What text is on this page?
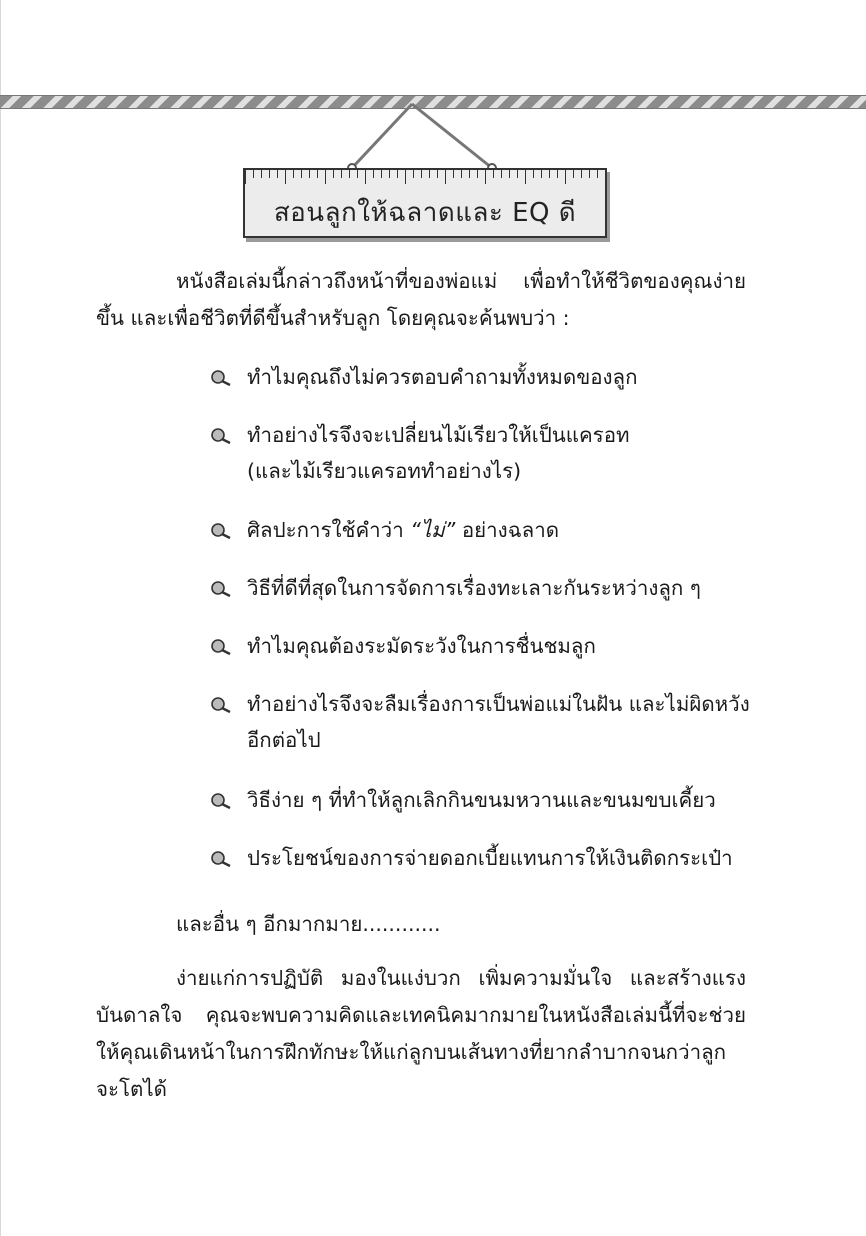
สอนลูกให้ฉลาดและ EQ ดี

หนังสือเล่มนี้กล่าวถึงหน้าที่ของพ่อแม่ เพื่อทำให้ชีวิตของคุณง่ายขึ้น และเพื่อชีวิตที่ดีขึ้นสำหรับลูก โดยคุณจะค้นพบว่า :

ทำไมคุณถึงไม่ควรตอบคำถามทั้งหมดของลูก
ทำอย่างไรจึงจะเปลี่ยนไม้เรียวให้เป็นแครอท
(และไม้เรียวแครอททำอย่างไร)
ศิลปะการใช้คำว่า “ไม่” อย่างฉลาด
วิธีที่ดีที่สุดในการจัดการเรื่องทะเลาะกันระหว่างลูก ๆ
ทำไมคุณต้องระมัดระวังในการชื่นชมลูก
ทำอย่างไรจึงจะลืมเรื่องการเป็นพ่อแม่ในฝัน และไม่ผิดหวังอีกต่อไป
วิธีง่าย ๆ ที่ทำให้ลูกเลิกกินขนมหวานและขนมขบเคี้ยว
ประโยชน์ของการจ่ายดอกเบี้ยแทนการให้เงินติดกระเป๋า
และอื่น ๆ อีกมากมาย............

ง่ายแก่การปฏิบัติ มองในแง่บวก เพิ่มความมั่นใจ และสร้างแรงบันดาลใจ คุณจะพบความคิดและเทคนิคมากมายในหนังสือเล่มนี้ที่จะช่วยให้คุณเดินหน้าในการฝึกทักษะให้แก่ลูกบนเส้นทางที่ยากลำบากจนกว่าลูกจะโตได้
